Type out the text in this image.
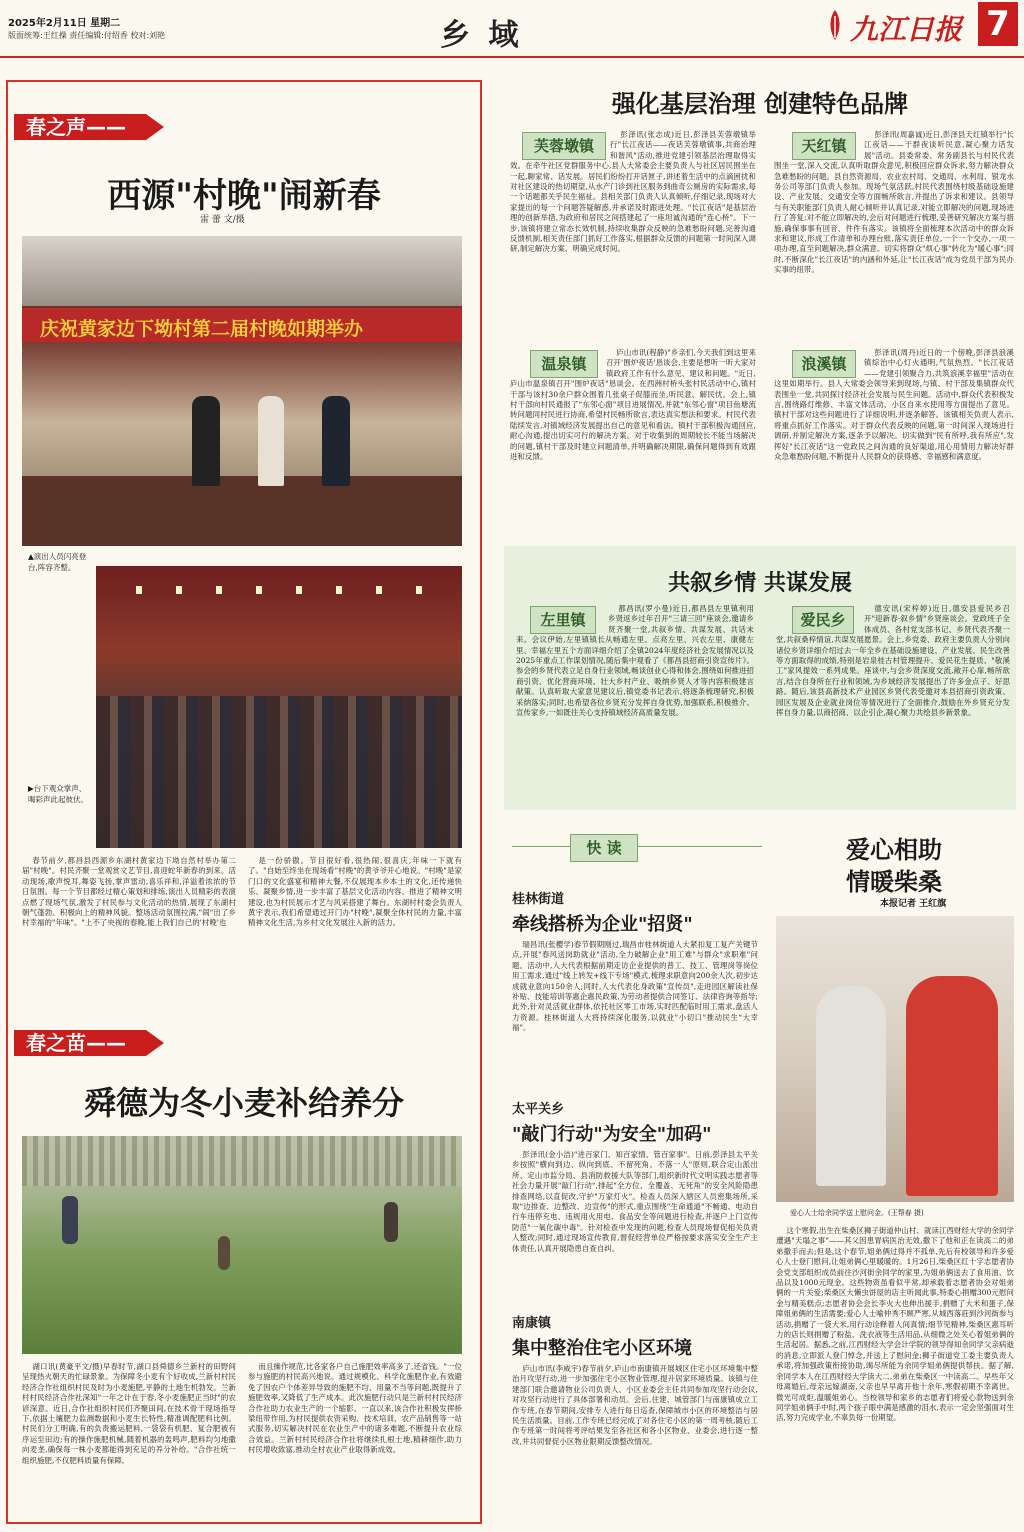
2025年2月11日 星期二
版面统筹:王红操 责任编辑:付绍香 校对:刘艳	乡 域	九江日报 7
春之声——
西源"村晚"闹新春
雷 蕾 文/摄
庆祝黄家边下坳村第二届村晚如期举办
▲演出人员闪亮登台,阵容齐整。
▶台下观众掌声、喝彩声此起彼伏。

春节前夕,都昌县西源乡东湖村黄家边下坳自然村举办第二届"村晚"。村民齐聚一堂观赏文艺节目,喜迎蛇年新春的到来。活动现场,歌声悦耳,舞姿飞扬,掌声雷动,喜乐祥和,洋溢着浓浓的节日氛围。每一个节目都经过精心策划和排练,演出人员精彩的表演点燃了现场气氛,激发了村民参与文化活动的热情,展现了东湖村朝气蓬勃、积极向上的精神风貌。整场活动氛围拉满,"闹"出了乡村幸福的"年味"。"上不了央视的春晚,能上我们自己的'村晚'也

是一份骄傲。节目很好看,很热闹,很喜庆,年味一下就有了。"自始至终坐在现场看"村晚"的黄爷爷开心地说。"村晚"是家门口的文化盛宴和精神大餐,不仅展现本乡本土的文化,还传递快乐、凝聚乡情,进一步丰富了基层文化活动内容、推进了精神文明建设,也为村民展示才艺与风采搭建了舞台。东湖村村委会负责人黄宇表示,我们希望通过开门办"村晚",凝聚全体村民的力量,丰富精神文化生活,为乡村文化发展注入新的活力。

春之苗——
舜德为冬小麦补给养分

湖口讯(黄豪平文/摄)早春时节,湖口县舜德乡兰新村的田野间呈现热火朝天的忙碌景象。为保障冬小麦有个好收成,兰新村村民经济合作社组织村民及时为小麦施肥,平静的土地生机勃发。兰新村村民经济合作社深知"一年之计在于春,冬小麦施肥正当时"的农谚深意。近日,合作社组织村民们齐聚田间,在技术骨干现场指导下,依据土壤肥力监测数据和小麦生长特性,精准调配肥料比例。村民们分工明确,有的负责搬运肥料,一袋袋有机肥、复合肥被有序运至田边;有的操作施肥机械,随着机器的轰鸣声,肥料均匀地撒向麦垄,确保每一株小麦都能得到充足的养分补给。"合作社统一组织施肥,不仅肥料质量有保障,

而且操作规范,比各家各户自己施肥效率高多了,还省钱。"一位参与施肥的村民高兴地说。通过规模化、科学化施肥作业,有效避免了因农户个体差异导致的施肥不均、用量不当等问题,既提升了施肥效率,又降低了生产成本。此次施肥行动只是兰新村村民经济合作社助力农业生产的一个缩影。一直以来,该合作社积极发挥桥梁纽带作用,为村民提供农资采购、技术培训、农产品销售等一站式服务,切实解决村民在农业生产中的诸多难题,不断提升农业综合效益。兰新村村民经济合作社将继续扎根土地,精耕细作,助力村民增收致富,推动全村农业产业取得新成效。

强化基层治理 创建特色品牌
芙蓉墩镇

彭泽讯(张志成)近日,彭泽县芙蓉墩镇举行"长江夜话——夜话芙蓉墩镇事,共商治理和谐风"活动,推进党建引领基层治理取得实效。在牵牛社区党群服务中心,县人大常委会主要负责人与社区居民围坐在一起,聊家常、话发展。居民们纷纷打开话匣子,讲述着生活中的点滴困扰和对社区建设的热切期望,从水产门诊到社区服务到曲奇公厕房的实际需求,每一个话题都关乎民生福祉。县相关部门负责人认真倾听,仔细记录,现场对大家提出的每一个问题答疑解惑,并承诺及时跟进处理。"长江夜话"是基层治理的创新举措,为政府和居民之间搭建起了一座坦诚沟通的"连心桥"。下一步,该镇将建立常态长效机制,持续收集群众反映的急难愁盼问题,完善沟通反馈机制,相关责任部门抓好工作落实,根据群众反馈的问题第一时间深入调研,制定解决方案、明确完成时间。

天红镇

彭泽讯(周嘉诚)近日,彭泽县天红镇举行"长江夜话——干群夜谈听民意,凝心聚力话发展"活动。县委常委、常务副县长与村民代表围坐一堂,深入交流,认真听取群众意见,积极回应群众诉求,努力解决群众急难愁盼的问题。县自然资源局、农业农村局、交通局、水利局、银龙水务公司等部门负责人参加。现场气氛活跃,村民代表围绕村级基础设施建设、产业发展、交通安全等方面畅所欲言,并提出了诉求和建议。县领导与有关职能部门负责人耐心倾听并认真记录,对能立即解决的问题,现场进行了答复;对不能立即解决的,会后对问题进行梳理,妥善研究解决方案与措施,确保事事有回音、件件有落实。该镇将全面梳理本次活动中的群众诉求和建议,形成工作清单和办理台账,落实责任单位,一个一个交办,一项一项办理,直至问题解决,群众满意。切实将群众"烦心事"转化为"暖心事";同时,不断深化"长江夜话"的内涵和外延,让"长江夜话"成为党员干部为民办实事的纽带。

温泉镇

庐山市讯(程静)"乡亲们,今天我们到这里来召开'围炉夜话'恳谈会,主要是想听一听大家对镇政府工作有什么意见、建议和问题。"近日,庐山市温泉镇召开"围炉夜话"恳谈会。在西洲村桥头张村民活动中心,镇村干部与该村30余户群众围着几张桌子促膝而坐,听民意、解民忧。会上,镇村干部向村民通报了"东邻心窗"项目进展情况,并就"东邻心窗"项目鱼塘流转问题同村民进行协商,希望村民畅所欲言,表达真实想法和要求。村民代表陆续发言,对镇域经济发展提出自己的意见和看法。镇村干部积极沟通回应,耐心沟通,提出切实可行的解决方案。对于收集到的周期较长不能当场解决的问题,镇村干部及时建立问题清单,并明确解决期限,确保问题得到有效跟进和反馈。

浪溪镇

彭泽讯(周丹)近日的一个傍晚,彭泽县浪溪镇综治中心灯火通明,气氛热烈。"长江夜话——党建引领聚合力,共筑浪溪幸福里"活动在这里如期举行。县人大常委会领导来到现场,与镇、村干部及集镇群众代表围坐一堂,共同探讨经济社会发展与民生问题。活动中,群众代表积极发言,围绕路灯维修、丰富文体活动、小区自来水使用等方面提出了意见。镇村干部对这些问题进行了详细说明,并逐条解答。该镇相关负责人表示,将重点抓好工作落实。对于群众代表反映的问题,第一时间深入现场进行调研,并制定解决方案,逐条予以解决。切实做到"民有所呼,我有所应",发挥好"长江夜话"这一党政民之间沟通的良好渠道,用心用情用力解决好群众急难愁盼问题,不断提升人民群众的获得感、幸福感和满意度。

共叙乡情 共谋发展
左里镇

都昌讯(罗小曼)近日,都昌县左里镇利用乡贤返乡过年召开"三请三回"座谈会,邀请乡贤齐聚一堂,共叙乡情、共谋发展、共话未来。会议伊始,左里镇镇长从畅通左里、点亮左里、兴农左里、康健左里、幸福左里五个方面详细介绍了全镇2024年度经济社会发展情况以及2025年重点工作谋划情况,随后集中观看了《都昌县招商引资宣传片》。参会的乡贤代表立足自身行业领域,畅谈创业心得和体会,围绕如何推进招商引资、优化营商环境、壮大乡村产业、吸纳乡贤人才等内容积极建言献策。认真听取大家意见建议后,镇党委书记表示,将逐条梳理研究,积极采纳落实;同时,也希望各位乡贤充分发挥自身优势,加强联系,积极推介、宣传家乡,一如既往关心支持镇域经济高质量发展。

爱民乡

德安讯(宋梓婷)近日,德安县爱民乡召开"迎新春·叙乡情"乡贤座谈会。党政班子全体成员、各村党支部书记、乡贤代表齐聚一堂,共叙桑梓情谊,共谋发展愿景。会上,乡党委、政府主要负责人分别向诸位乡贤详细介绍过去一年全乡在基础设施建设、产业发展、民生改善等方面取得的成绩,特别是岩泉桂古村管理提升、爱民花生提质、"敬溪工"家风提效一系列成果。座谈中,与会乡贤深度交流,敞开心扉,畅所欲言,结合自身所在行业和领域,为乡域经济发展提出了许多金点子、好思路。随后,该县高新技术产业园区乡贤代表受邀对本县招商引资政策、园区发展及企业就业岗位等情况进行了全面推介,鼓励在外乡贤充分发挥自身力量,以商招商、以企引企,凝心聚力共绘县乡新景象。

快 读
桂林街道
牵线搭桥为企业"招贤"

瑞昌讯(张樱学)春节假期刚过,瑞昌市桂林街道人大紧扣复工复产关键节点,开展"春风送岗助就业"活动,全力破解企业"用工难"与群众"求职难"问题。活动中,人大代表根据前期走访企业提供的普工、技工、管理岗等岗位用工需求,通过"线上转发+线下专场"模式,梳理求职意向200余人次,初步达成就业意向150余人;同时,人大代表化身政策"宣传员",走进园区解读社保补贴、技能培训等惠企惠民政策,为劳动者提供合同签订、法律咨询等指导;此外,针对灵活就业群体,依托社区零工市场,实时匹配临时用工需求,盘活人力资源。桂林街道人大将持续深化服务,以就业"小切口"推动民生"大幸福"。

太平关乡
"敲门行动"为安全"加码"

彭泽讯(金小洁)"进百家门、知百家情、管百家事"。日前,彭泽县太平关乡按照"横向到边、纵向到底、不留死角、不落一人"原则,联合定山派出所、定山市监分局、县消防救援大队等部门,组织新时代文明实践志愿者等社会力量开展"敲门行动",排起"全方位、全覆盖、无死角"的安全风险隐患排查网络,以直促改,守护"万家灯火"。检查人员深入辖区人员密集场所,采取"边排查、边整改、边宣传"的形式,重点围绕"生命通道"不畅通、电动自行车违停充电、违规用火用电、食品安全等问题进行检查,并逐户上门宣传防范"一氧化碳中毒"。针对检查中发现的问题,检查人员现场督促相关负责人整改;同时,通过现场宣传教育,督促经营单位严格按要求落实安全生产主体责任,认真开展隐患自查自纠。

南康镇
集中整治住宅小区环境

庐山市讯(李威宇)春节前夕,庐山市南康镇开展城区住宅小区环境集中整治月攻坚行动,进一步加强住宅小区物业管理,提升居家环境质量。该镇与住建部门联合邀请物业公司负责人、小区业委会主任共同参加攻坚行动会议,对攻坚行动进行了具体部署和动员。会后,住建、城管部门与南康镇成立工作专班,在春节期间,安排专人进行每日巡查,保障城市小区的环境整洁与居民生活质量。目前,工作专班已经完成了对各住宅小区的第一周考核,随后工作专班第一时间将考评结果发至各社区和各小区物业、业委会,进行逐一整改,并共同督促小区物业限期反馈整改情况。

爱心相助
情暖柴桑
本报记者 王红旗
爱心人士给余同学送上慰问金。(王帮春 摄)

这个寒假,出生在柴桑区狮子街道仲山村、就读江西财经大学的余同学遭遇"天塌之事"——其父因患胃病医治无效,撒下了他和正在读高二的弟弟撒手而去;但是,这个春节,姐弟俩过得并不孤单,先后有校领导和许多爱心人士登门慰问,让姐弟俩心里暖暖的。1月26日,柴桑区红十字志愿者协会党支部组织成员前往沙河街余同学的家里,为姐弟俩送去了食用油、饮品以及1000元现金。这些物资虽看似平常,却承载着志愿者协会对姐弟俩的一片关爱;柴桑区大懒虫饼屋的店主听闻此事,特委心捐赠300元慰问金与精美糕点;志愿者协会会长李火大也伸出援手,捐赠了大米和蛋子,保障姐弟俩的生活需要;爱心人士喻仲秀不顾严寒,从城西落莊到沙河街参与活动,捐赠了一袋大米,用行动诠释着人间真情;细节见精神,柴桑区惠耳听力的店长则捐赠了粉盐、洗衣液等生活用品,从细微之处关心着姐弟俩的生活起居。据悉,之前,江西财经大学会计学院的领导得知余同学父亲病逝的消息,立即派人登门悼念,并送上了慰问金;狮子街道党工委主要负责人承诺,将加强政策衔接协助,竭尽所能为余同学姐弟俩提供帮扶。据了解,余同学本人在江西财经大学读大二,弟弟在柴桑区一中读高二。早些年父母离婚后,母亲远嫁湖南,父亲也早早离开他十余年,寒假初期不幸离世。微光可成炬,温暖姐弟心。当校领导和家乡的志愿者们将爱心款物送到余同学姐弟俩手中时,两个孩子眼中满是感激的泪水,表示一定会坚强面对生活,努力完成学业,不辜负每一份期望。
